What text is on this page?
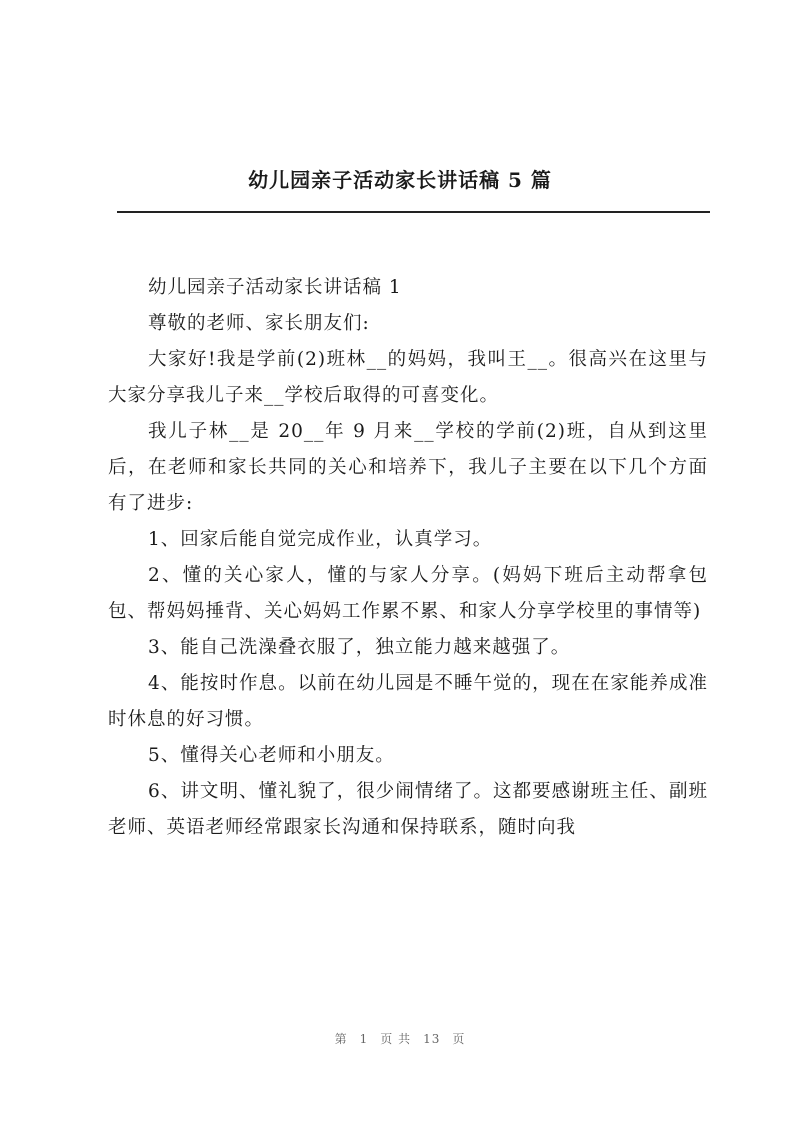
幼儿园亲子活动家长讲话稿 5 篇

幼儿园亲子活动家长讲话稿 1

尊敬的老师、家长朋友们:

大家好!我是学前(2)班林__的妈妈，我叫王__。很高兴在这里与大家分享我儿子来__学校后取得的可喜变化。

我儿子林__是 20__年 9 月来__学校的学前(2)班，自从到这里后，在老师和家长共同的关心和培养下，我儿子主要在以下几个方面有了进步:

1、回家后能自觉完成作业，认真学习。

2、懂的关心家人，懂的与家人分享。(妈妈下班后主动帮拿包包、帮妈妈捶背、关心妈妈工作累不累、和家人分享学校里的事情等)

3、能自己洗澡叠衣服了，独立能力越来越强了。

4、能按时作息。以前在幼儿园是不睡午觉的，现在在家能养成准时休息的好习惯。

5、懂得关心老师和小朋友。

6、讲文明、懂礼貌了，很少闹情绪了。这都要感谢班主任、副班老师、英语老师经常跟家长沟通和保持联系，随时向我

第 1 页 共 13 页
